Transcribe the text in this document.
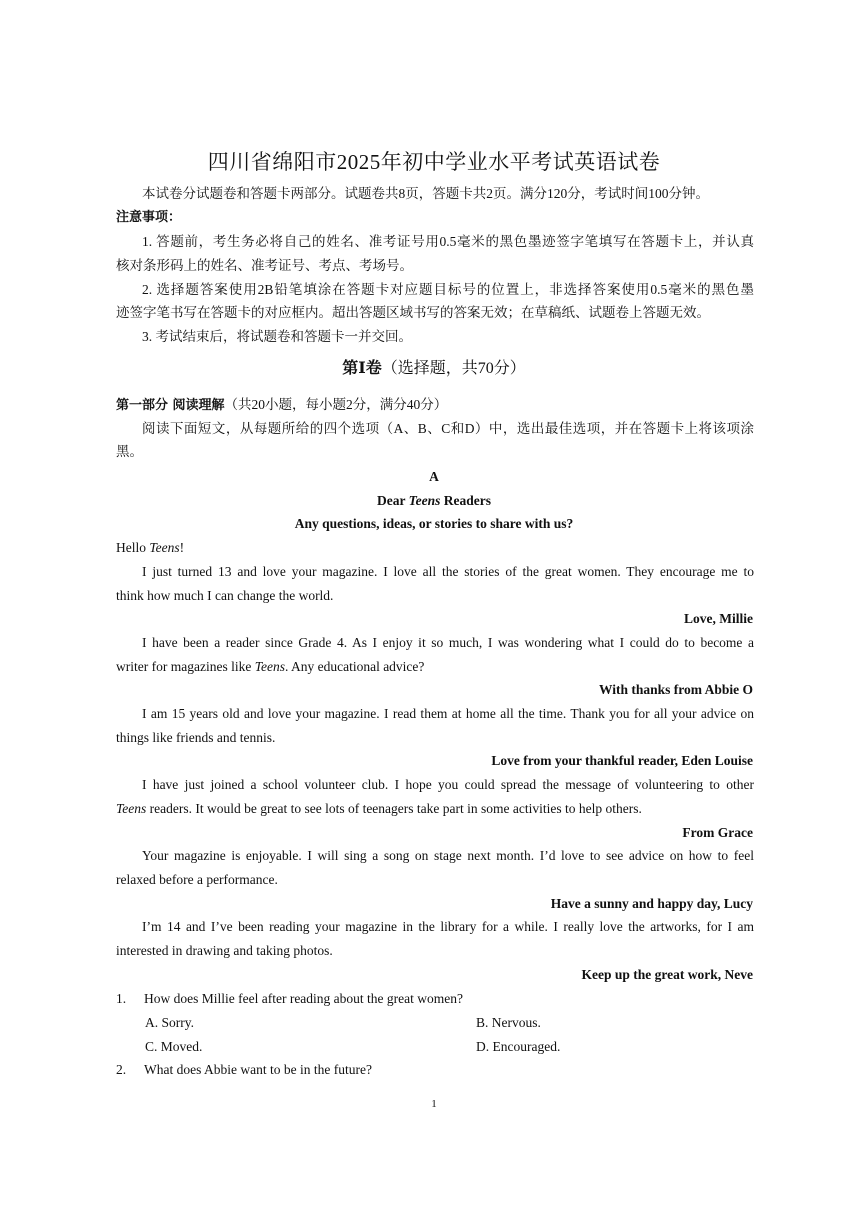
四川省绵阳市2025年初中学业水平考试英语试卷
本试卷分试题卷和答题卡两部分。试题卷共8页，答题卡共2页。满分120分，考试时间100分钟。
注意事项：
1. 答题前，考生务必将自己的姓名、准考证号用0.5毫米的黑色墨迹签字笔填写在答题卡上，并认真
核对条形码上的姓名、准考证号、考点、考场号。
2. 选择题答案使用2B铅笔填涂在答题卡对应题目标号的位置上，非选择答案使用0.5毫米的黑色墨
迹签字笔书写在答题卡的对应框内。超出答题区域书写的答案无效；在草稿纸、试题卷上答题无效。
3. 考试结束后，将试题卷和答题卡一并交回。
第Ⅰ卷（选择题，共70分）
第一部分 阅读理解（共20小题，每小题2分，满分40分）
阅读下面短文，从每题所给的四个选项（A、B、C和D）中，选出最佳选项，并在答题卡上将该项涂
黑。
A
Dear Teens Readers
Any questions, ideas, or stories to share with us?
Hello Teens!
I just turned 13 and love your magazine. I love all the stories of the great women. They encourage me to
think how much I can change the world.
Love, Millie
I have been a reader since Grade 4. As I enjoy it so much, I was wondering what I could do to become a
writer for magazines like Teens. Any educational advice?
With thanks from Abbie O
I am 15 years old and love your magazine. I read them at home all the time. Thank you for all your advice on
things like friends and tennis.
Love from your thankful reader, Eden Louise
I have just joined a school volunteer club. I hope you could spread the message of volunteering to other
Teens readers. It would be great to see lots of teenagers take part in some activities to help others.
From Grace
Your magazine is enjoyable. I will sing a song on stage next month. I’d love to see advice on how to feel
relaxed before a performance.
Have a sunny and happy day, Lucy
I’m 14 and I’ve been reading your magazine in the library for a while. I really love the artworks, for I am
interested in drawing and taking photos.
Keep up the great work, Neve
1. How does Millie feel after reading about the great women?
A. Sorry.	B. Nervous.
C. Moved.	D. Encouraged.
2. What does Abbie want to be in the future?
1
